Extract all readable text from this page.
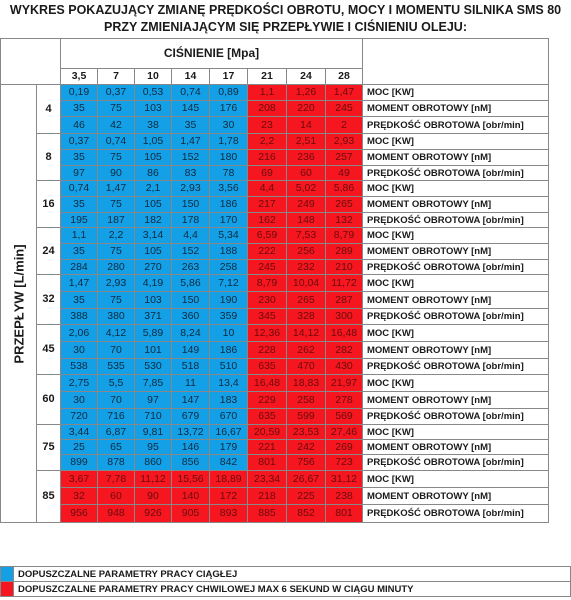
WYKRES POKAZUJĄCY ZMIANĘ PRĘDKOŚCI OBROTU, MOCY I MOMENTU SILNIKA SMS 80
PRZY ZMIENIAJĄCYM SIĘ PRZEPŁYWIE I CIŚNIENIU OLEJU:
		CIŚNIENIE [Mpa]								
		3,5	7	10	14	17	21	24	28	

PRZEPŁYW [L/min]	4	0,19	0,37	0,53	0,74	0,89	1,1	1,26	1,47	MOC [KW]
		35	75	103	145	176	208	220	245	MOMENT OBROTOWY [nM]
		46	42	38	35	30	23	14	2	PRĘDKOŚĆ OBROTOWA [obr/min]
	8	0,37	0,74	1,05	1,47	1,78	2,2	2,51	2,93	MOC [KW]
		35	75	105	152	180	216	236	257	MOMENT OBROTOWY [nM]
		97	90	86	83	78	69	60	49	PRĘDKOŚĆ OBROTOWA [obr/min]
	16	0,74	1,47	2,1	2,93	3,56	4,4	5,02	5,86	MOC [KW]
		35	75	105	150	186	217	249	265	MOMENT OBROTOWY [nM]
		195	187	182	178	170	162	148	132	PRĘDKOŚĆ OBROTOWA [obr/min]
	24	1,1	2,2	3,14	4,4	5,34	6,59	7,53	8,79	MOC [KW]
		35	75	105	152	188	222	256	289	MOMENT OBROTOWY [nM]
		284	280	270	263	258	245	232	210	PRĘDKOŚĆ OBROTOWA [obr/min]
	32	1,47	2,93	4,19	5,86	7,12	8,79	10,04	11,72	MOC [KW]
		35	75	103	150	190	230	265	287	MOMENT OBROTOWY [nM]
		388	380	371	360	359	345	328	300	PRĘDKOŚĆ OBROTOWA [obr/min]
	45	2,06	4,12	5,89	8,24	10	12,36	14,12	16,48	MOC [KW]
		30	70	101	149	186	228	262	282	MOMENT OBROTOWY [nM]
		538	535	530	518	510	635	470	430	PRĘDKOŚĆ OBROTOWA [obr/min]
	60	2,75	5,5	7,85	11	13,4	16,48	18,83	21,97	MOC [KW]
		30	70	97	147	183	229	258	278	MOMENT OBROTOWY [nM]
		720	716	710	679	670	635	599	569	PRĘDKOŚĆ OBROTOWA [obr/min]
	75	3,44	6,87	9,81	13,72	16,67	20,59	23,53	27,46	MOC [KW]
		25	65	95	146	179	221	242	269	MOMENT OBROTOWY [nM]
		899	878	860	856	842	801	756	723	PRĘDKOŚĆ OBROTOWA [obr/min]
	85	3,67	7,78	11,12	15,56	18,89	23,34	26,67	31,12	MOC [KW]
		32	60	90	140	172	218	225	238	MOMENT OBROTOWY [nM]
		956	948	926	905	893	885	852	801	PRĘDKOŚĆ OBROTOWA [obr/min]
	DOPUSZCZALNE PARAMETRY PRACY CIĄGŁEJ
	DOPUSZCZALNE PARAMETRY PRACY CHWILOWEJ MAX 6 SEKUND W CIĄGU MINUTY
